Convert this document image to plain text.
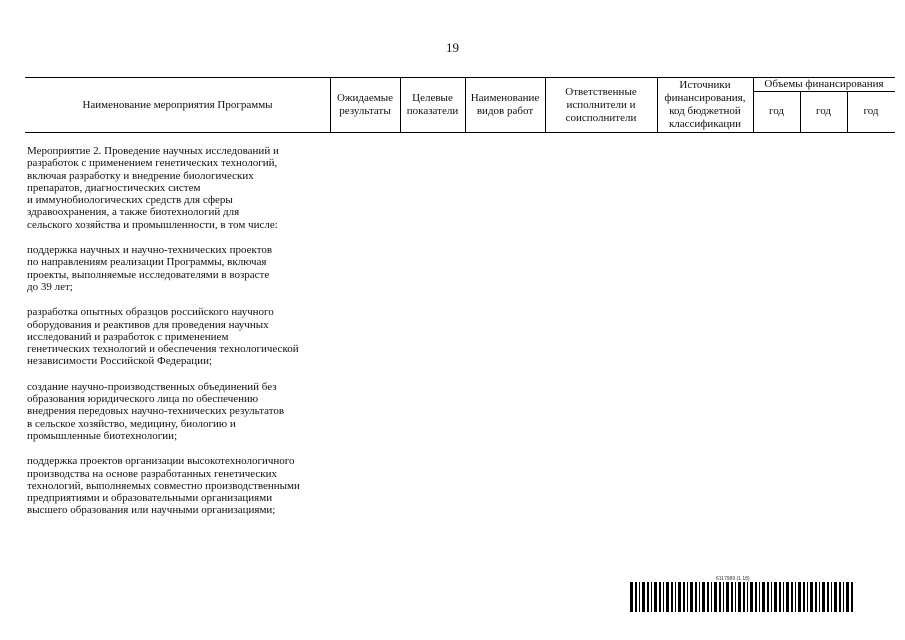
19
Наименование мероприятия Программы
Ожидаемые результаты
Целевые показатели
Наименование видов работ
Ответственные исполнители и соисполнители
Источники финансирования, код бюджетной классификации
Объемы финансирования
год	год	год

Мероприятие 2. Проведение научных исследований и
разработок с применением генетических технологий,
включая разработку и внедрение биологических
препаратов, диагностических систем
и иммунобиологических средств для сферы
здравоохранения, а также биотехнологий для
сельского хозяйства и промышленности, в том числе:

поддержка научных и научно-технических проектов
по направлениям реализации Программы, включая
проекты, выполняемые исследователями в возрасте
до 39 лет;

разработка опытных образцов российского научного
оборудования и реактивов для проведения научных
исследований и разработок с применением
генетических технологий и обеспечения технологической
независимости Российской Федерации;

создание научно-производственных объединений без
образования юридического лица по обеспечению
внедрения передовых научно-технических результатов
в сельское хозяйство, медицину, биологию и
промышленные биотехнологии;

поддержка проектов организации высокотехнологичного
производства на основе разработанных генетических
технологий, выполняемых совместно производственными
предприятиями и образовательными организациями
высшего образования или научными организациями;

6117989 (1.18)
